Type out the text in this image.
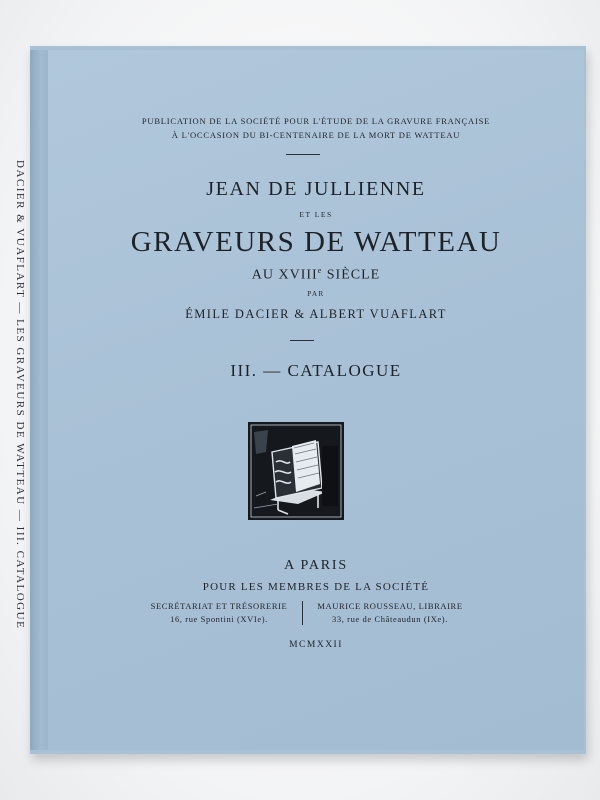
DACIER & VUAFLART — LES GRAVEURS DE WATTEAU — III. CATALOGUE
PUBLICATION DE LA SOCIÉTÉ POUR L'ÉTUDE DE LA GRAVURE FRANÇAISE
À L'OCCASION DU BI-CENTENAIRE DE LA MORT DE WATTEAU
JEAN DE JULLIENNE
ET LES
GRAVEURS DE WATTEAU
AU XVIIIe SIÈCLE
PAR
ÉMILE DACIER & ALBERT VUAFLART
III. — CATALOGUE
A PARIS
POUR LES MEMBRES DE LA SOCIÉTÉ
SECRÉTARIAT ET TRÉSORERIE
16, rue Spontini (XVIe).
MAURICE ROUSSEAU, LIBRAIRE
33, rue de Châteaudun (IXe).
MCMXXII
